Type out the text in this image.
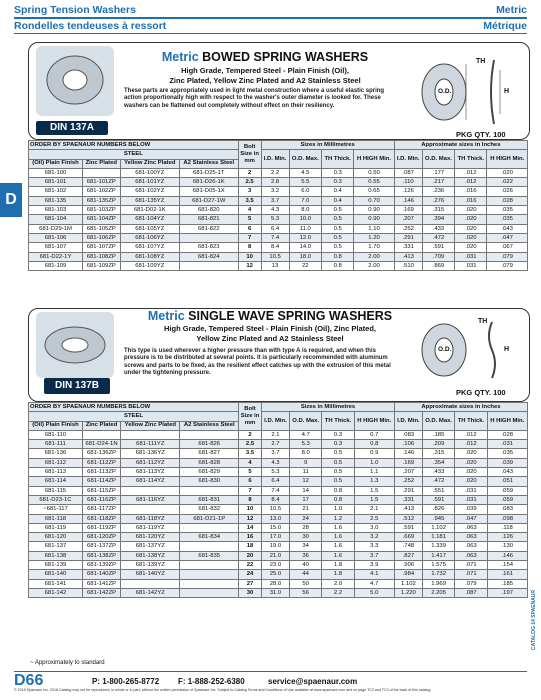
Spring Tension Washers
Rondelles tendeuses à ressort
Metric
Métrique
D
DIN 137A
Metric BOWED SPRING WASHERS
High Grade, Tempered Steel - Plain Finish (Oil),
Zinc Plated, Yellow Zinc Plated and A2 Stainless Steel
These parts are appropriately used in light metal construction where a useful elastic spring action proportionally high with respect to the washer's outer diameter is looked for. These washers can be flattened out completely without effect on their resiliency.
TH
O.D.	H
PKG QTY. 100
ORDER BY SPAENAUR NUMBERS BELOW				Bolt Size in mm	Sizes in Millimetres				Approximate sizes in Inches			
STEEL					I.D. Min.	O.D. Max.	TH Thick.	H HIGH Min.	I.D. Min.	O.D. Max.	TH Thick.	H HIGH Min.
(Oil) Plain Finish	Zinc Plated	Yellow Zinc Plated	A2 Stainless Steel									
681-100		681-100YZ	681-D25-1T	2	2.2	4.5	0.3	0.50	.087	.177	.012	.020
681-101	681-101ZP	681-101YZ	681-D26-1K	2.5	2.8	5.5	0.3	0.55	.110	.217	.012	.022
681-102	681-102ZP	681-102YZ	681-D05-1X	3	3.2	6.0	0.4	0.65	.126	.236	.016	.026
681-135	681-135ZP	681-135YZ	681-D27-1W	3.5	3.7	7.0	0.4	0.70	.146	.276	.016	.028
681-103	681-103ZP	681-D02-1K	681-820	4	4.3	8.0	0.5	0.90	.169	.315	.020	.035
681-104	681-104ZP	681-104YZ	681-821	5	5.3	10.0	0.5	0.90	.207	.394	.020	.035
681-D29-1M	681-105ZP	681-105YZ	681-822	6	6.4	11.0	0.5	1.10	.252	.433	.020	.043
681-106	681-106ZP	681-106YZ		7	7.4	12.0	0.5	1.20	.291	.472	.020	.047
681-107	681-107ZP	681-107YZ	681-823	8	8.4	14.0	0.5	1.70	.331	.591	.020	.067
681-D22-1Y	681-108ZP	681-108YZ	681-824	10	10.5	18.0	0.8	2.00	.413	.709	.031	.079
681-109	681-109ZP	681-109YZ		12	13	22	0.8	2.00	.510	.869	.031	.079
DIN 137B
Metric SINGLE WAVE SPRING WASHERS
High Grade, Tempered Steel - Plain Finish (Oil), Zinc Plated,
Yellow Zinc Plated and A2 Stainless Steel
This type is used wherever a higher pressure than with type A is required, and when this pressure is to be distributed at several points. It is particularly recommended with aluminum screws and parts to be fixed, as the resilient effect catches up with the extrusion of this metal under the tightening pressure.
TH
O.D.	H
PKG QTY. 100
ORDER BY SPAENAUR NUMBERS BELOW				Bolt Size in mm	Sizes in Millimetres				Approximate sizes in Inches			
STEEL					I.D. Min.	O.D. Max.	TH Thick.	H HIGH Min.	I.D. Min.	O.D. Max.	TH Thick.	H HIGH Min.
(Oil) Plain Finish	Zinc Plated	Yellow Zinc Plated	A2 Stainless Steel									
681-110				2	2.1	4.7	0.3	0.7	.083	.185	.012	.028
681-111	681-D24-1N	681-111YZ	681-826	2.5	2.7	5.3	0.3	0.8	.106	.209	.012	.031
681-136	681-136ZP	681-136YZ	681-827	3.5	3.7	8.0	0.5	0.9	.146	.315	.020	.035
681-112	681-112ZP	681-112YZ	681-828	4	4.3	9	0.5	1.0	.169	.354	.020	.039
681-113	681-113ZP	681-113YZ	681-829	5	5.3	11	0.5	1.1	.207	.433	.020	.043
681-114	681-114ZP	681-114YZ	681-830	6	6.4	12	0.5	1.3	.252	.472	.020	.051
681-115	681-115ZP			7	7.4	14	0.8	1.5	.291	.551	.031	.059
681-D23-1C	681-116ZP	681-116YZ	681-831	8	8.4	17	0.8	1.5	.331	.591	.031	.059
~681-117	681-117ZP		681-832	10	10.5	21	1.0	2.1	.413	.826	.039	.083
681-118	681-118ZP	681-118YZ	681-D21-1P	12	13.0	24	1.2	2.5	.512	.945	.047	.098
681-119	681-119ZP	681-119YZ		14	15.0	28	1.6	3.0	.591	1.102	.063	.118
681-120	681-120ZP	681-120YZ	681-834	16	17.0	30	1.6	3.2	.669	1.181	.063	.126
681-137	681-137ZP	681-137YZ		18	19.0	34	1.6	3.3	.748	1.339	.063	.130
681-138	681-138ZP	681-138YZ	681-835	20	21.0	36	1.6	3.7	.827	1.417	.063	.146
681-139	681-139ZP	681-139YZ		22	23.0	40	1.8	3.9	.906	1.575	.071	.154
681-140	681-140ZP	681-140YZ		24	25.0	44	1.8	4.1	.984	1.732	.071	.161
681-141	681-141ZP			27	28.0	50	2.0	4.7	1.102	1.969	.079	.185
681-142	681-142ZP	681-142YZ		30	31.0	56	2.2	5.0	1.220	2.205	.087	.197
~ Approximately to standard
D66	P: 1-800-265-8772 F: 1-888-252-6380	service@spaenaur.com
© 2018 Spaenaur Inc. 2018 Catalog may not be reproduced, in whole or in part, without the written permission of Spaenaur Inc. Subject to Catalog Terms and Conditions of Use available at www.spaenaur.com and on page TC2 and TC3 of the back of this catalog.
CATALOG 14 SPAENAUR
